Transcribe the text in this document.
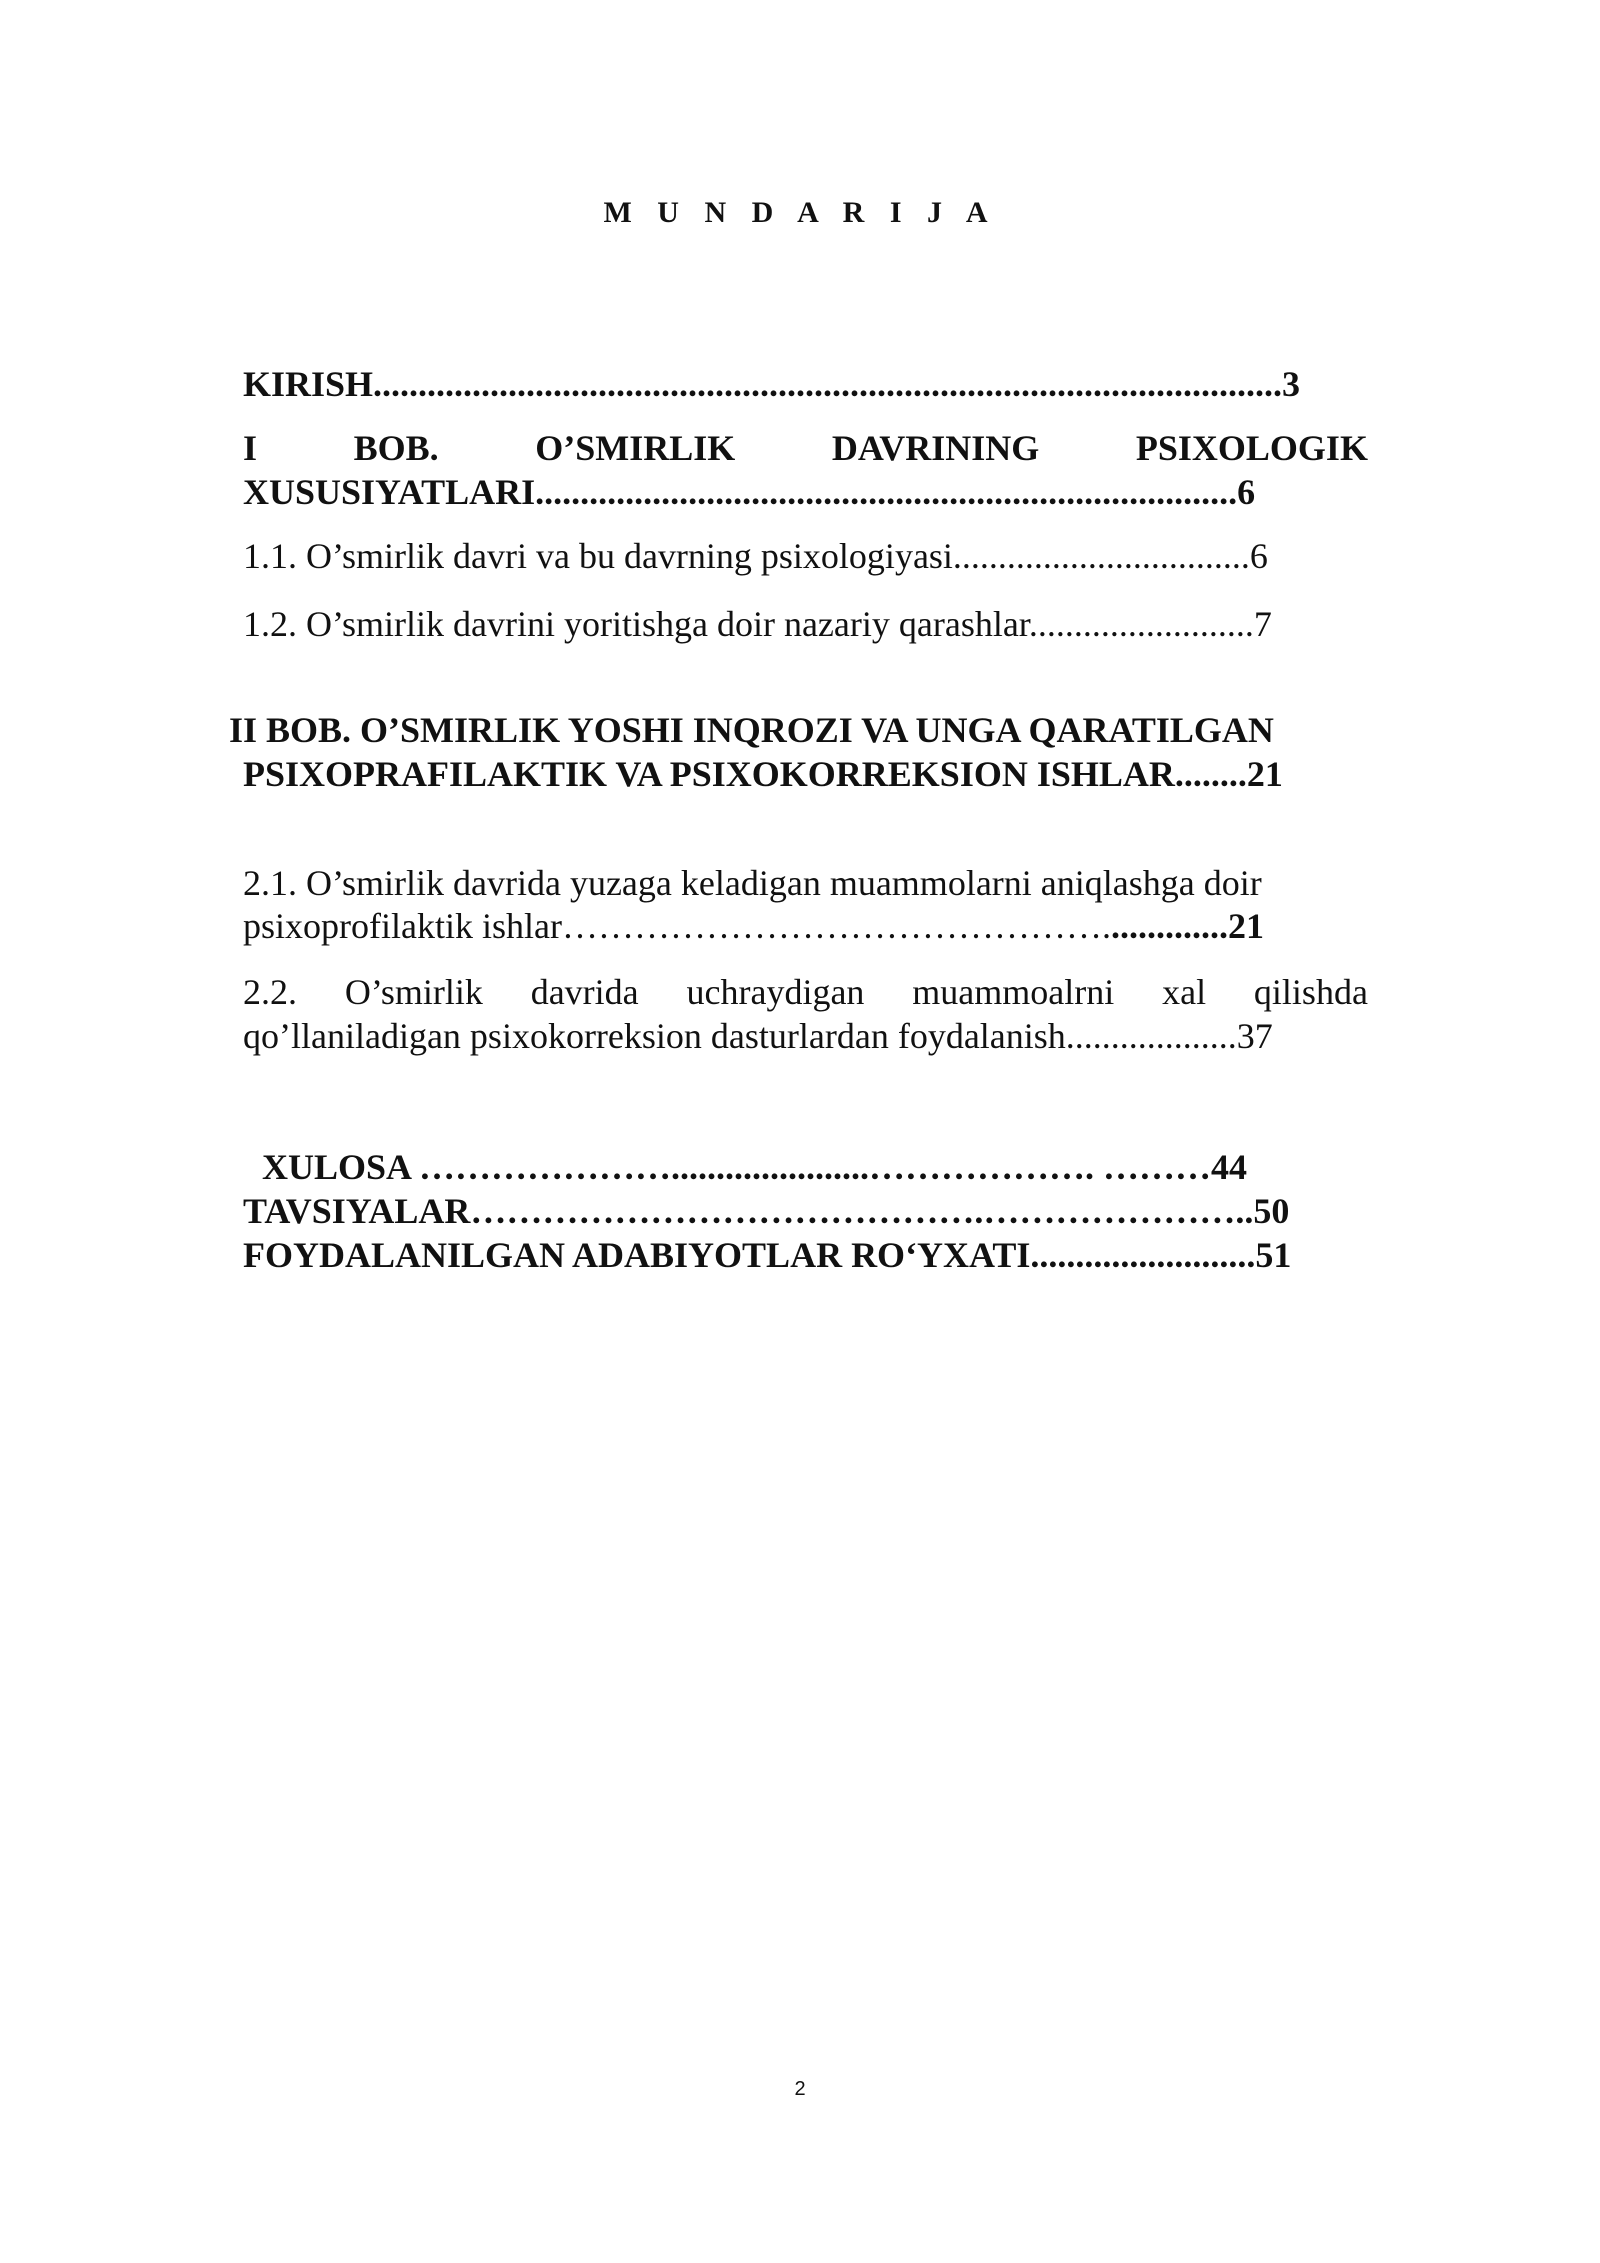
M U N D A R I J A

KIRISH.....................................................................................................3

I	BOB.	O’SMIRLIK	DAVRINING	PSIXOLOGIK

XUSUSIYATLARI..............................................................................6

1.1. O’smirlik davri va bu davrning psixologiyasi.................................6

1.2. O’smirlik davrini yoritishga doir nazariy qarashlar.........................7

II BOB. O’SMIRLIK YOSHI INQROZI VA UNGA QARATILGAN

PSIXOPRAFILAKTIK VA PSIXOKORREKSION ISHLAR........21

2.1. O’smirlik davrida yuzaga keladigan muammolarni aniqlashga doir

psixoprofilaktik ishlar………………………………………..............21

2.2. O’smirlik davrida uchraydigan muammoalrni xal qilishda

qo’llaniladigan psixokorreksion dasturlardan foydalanish...................37

XULOSA …………………......................………………. ………44

TAVSIYALAR…………………………………….…………………..50

FOYDALANILGAN ADABIYOTLAR RO‘YXATI.........................51

2
